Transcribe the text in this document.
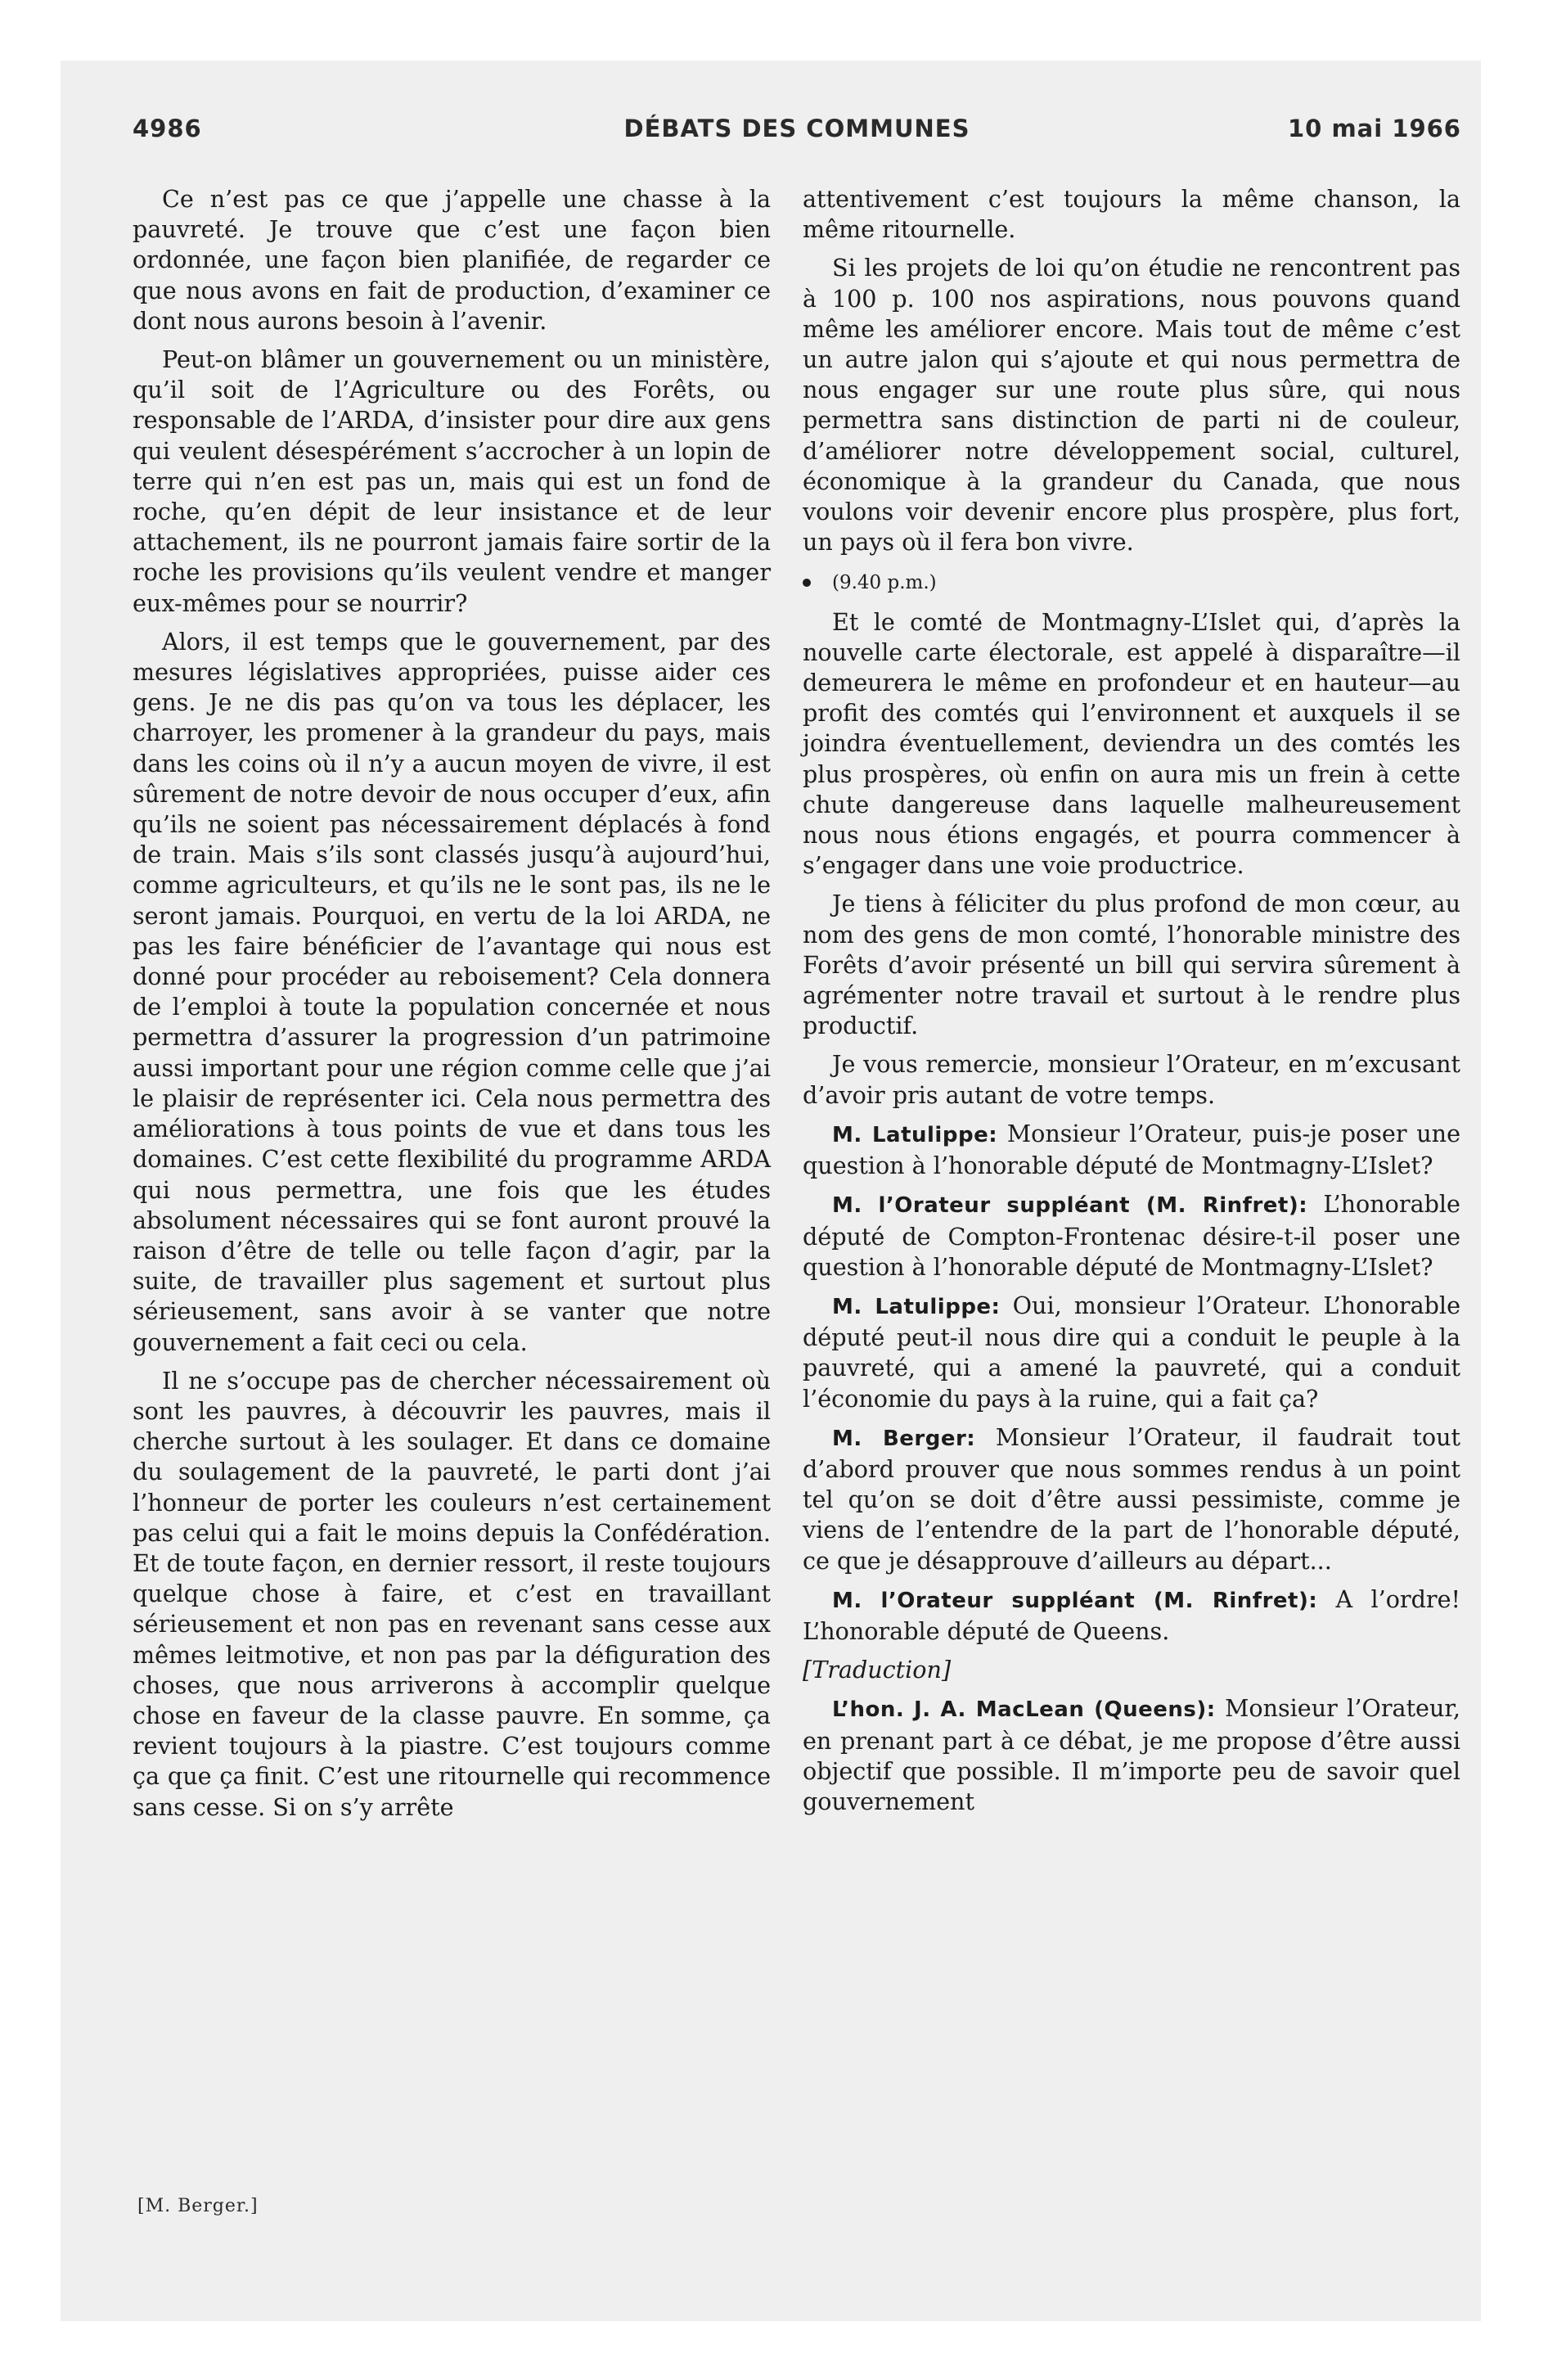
4986	DÉBATS DES COMMUNES	10 mai 1966

Ce n’est pas ce que j’appelle une chasse à la pauvreté. Je trouve que c’est une façon bien ordonnée, une façon bien planifiée, de regarder ce que nous avons en fait de production, d’examiner ce dont nous aurons besoin à l’avenir.

Peut-on blâmer un gouvernement ou un ministère, qu’il soit de l’Agriculture ou des Forêts, ou responsable de l’ARDA, d’insister pour dire aux gens qui veulent désespérément s’accrocher à un lopin de terre qui n’en est pas un, mais qui est un fond de roche, qu’en dépit de leur insistance et de leur attachement, ils ne pourront jamais faire sortir de la roche les provisions qu’ils veulent vendre et manger eux-mêmes pour se nourrir?

Alors, il est temps que le gouvernement, par des mesures législatives appropriées, puisse aider ces gens. Je ne dis pas qu’on va tous les déplacer, les charroyer, les promener à la grandeur du pays, mais dans les coins où il n’y a aucun moyen de vivre, il est sûrement de notre devoir de nous occuper d’eux, afin qu’ils ne soient pas nécessairement déplacés à fond de train. Mais s’ils sont classés jusqu’à aujourd’hui, comme agriculteurs, et qu’ils ne le sont pas, ils ne le seront jamais. Pourquoi, en vertu de la loi ARDA, ne pas les faire bénéficier de l’avantage qui nous est donné pour procéder au reboisement? Cela donnera de l’emploi à toute la population concernée et nous permettra d’assurer la progression d’un patrimoine aussi important pour une région comme celle que j’ai le plaisir de représenter ici. Cela nous permettra des améliorations à tous points de vue et dans tous les domaines. C’est cette flexibilité du programme ARDA qui nous permettra, une fois que les études absolument nécessaires qui se font auront prouvé la raison d’être de telle ou telle façon d’agir, par la suite, de travailler plus sagement et surtout plus sérieusement, sans avoir à se vanter que notre gouvernement a fait ceci ou cela.

Il ne s’occupe pas de chercher nécessairement où sont les pauvres, à découvrir les pauvres, mais il cherche surtout à les soulager. Et dans ce domaine du soulagement de la pauvreté, le parti dont j’ai l’honneur de porter les couleurs n’est certainement pas celui qui a fait le moins depuis la Confédération. Et de toute façon, en dernier ressort, il reste toujours quelque chose à faire, et c’est en travaillant sérieusement et non pas en revenant sans cesse aux mêmes leitmotive, et non pas par la défiguration des choses, que nous arriverons à accomplir quelque chose en faveur de la classe pauvre. En somme, ça revient toujours à la piastre. C’est toujours comme ça que ça finit. C’est une ritournelle qui recommence sans cesse. Si on s’y arrête

[M. Berger.]

attentivement c’est toujours la même chanson, la même ritournelle.

Si les projets de loi qu’on étudie ne rencontrent pas à 100 p. 100 nos aspirations, nous pouvons quand même les améliorer encore. Mais tout de même c’est un autre jalon qui s’ajoute et qui nous permettra de nous engager sur une route plus sûre, qui nous permettra sans distinction de parti ni de couleur, d’améliorer notre développement social, culturel, économique à la grandeur du Canada, que nous voulons voir devenir encore plus prospère, plus fort, un pays où il fera bon vivre.

(9.40 p.m.)

Et le comté de Montmagny-L’Islet qui, d’après la nouvelle carte électorale, est appelé à disparaître—il demeurera le même en profondeur et en hauteur—au profit des comtés qui l’environnent et auxquels il se joindra éventuellement, deviendra un des comtés les plus prospères, où enfin on aura mis un frein à cette chute dangereuse dans laquelle malheureusement nous nous étions engagés, et pourra commencer à s’engager dans une voie productrice.

Je tiens à féliciter du plus profond de mon cœur, au nom des gens de mon comté, l’honorable ministre des Forêts d’avoir présenté un bill qui servira sûrement à agrémenter notre travail et surtout à le rendre plus productif.

Je vous remercie, monsieur l’Orateur, en m’excusant d’avoir pris autant de votre temps.

M. Latulippe: Monsieur l’Orateur, puis-je poser une question à l’honorable député de Montmagny-L’Islet?

M. l’Orateur suppléant (M. Rinfret): L’honorable député de Compton-Frontenac désire-t-il poser une question à l’honorable député de Montmagny-L’Islet?

M. Latulippe: Oui, monsieur l’Orateur. L’honorable député peut-il nous dire qui a conduit le peuple à la pauvreté, qui a amené la pauvreté, qui a conduit l’économie du pays à la ruine, qui a fait ça?

M. Berger: Monsieur l’Orateur, il faudrait tout d’abord prouver que nous sommes rendus à un point tel qu’on se doit d’être aussi pessimiste, comme je viens de l’entendre de la part de l’honorable député, ce que je désapprouve d’ailleurs au départ...

M. l’Orateur suppléant (M. Rinfret): A l’ordre! L’honorable député de Queens.

[Traduction]

L’hon. J. A. MacLean (Queens): Monsieur l’Orateur, en prenant part à ce débat, je me propose d’être aussi objectif que possible. Il m’importe peu de savoir quel gouvernement
